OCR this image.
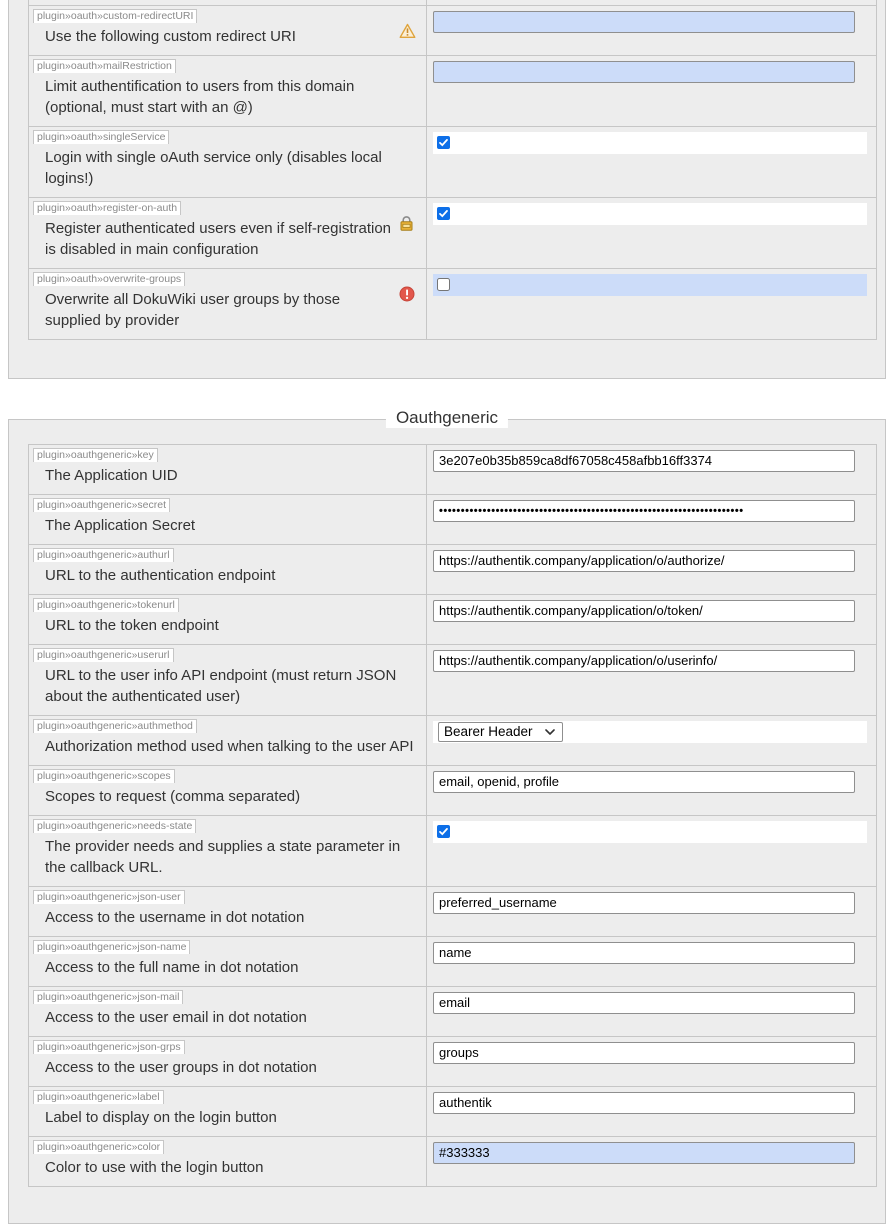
plugin»oauth»custom-redirectURI
Use the following custom redirect URI

plugin»oauth»mailRestriction
Limit authentification to users from this domain (optional, must start with an @)

plugin»oauth»singleService
Login with single oAuth service only (disables local logins!)

plugin»oauth»register-on-auth
Register authenticated users even if self-registration is disabled in main configuration

plugin»oauth»overwrite-groups
Overwrite all DokuWiki user groups by those supplied by provider

Oauthgeneric
plugin»oauthgeneric»key
The Application UID

3e207e0b35b859ca8df67058c458afbb16ff3374
plugin»oauthgeneric»secret
The Application Secret

••••••••••••••••••••••••••••••••••••••••••••••••••••••••••••••••••••••
plugin»oauthgeneric»authurl
URL to the authentication endpoint

https://authentik.company/application/o/authorize/
plugin»oauthgeneric»tokenurl
URL to the token endpoint

https://authentik.company/application/o/token/
plugin»oauthgeneric»userurl
URL to the user info API endpoint (must return JSON about the authenticated user)

https://authentik.company/application/o/userinfo/
plugin»oauthgeneric»authmethod
Authorization method used when talking to the user API	Bearer Header

plugin»oauthgeneric»scopes
Scopes to request (comma separated)

email, openid, profile
plugin»oauthgeneric»needs-state
The provider needs and supplies a state parameter in the callback URL.

plugin»oauthgeneric»json-user
Access to the username in dot notation

preferred_username
plugin»oauthgeneric»json-name
Access to the full name in dot notation

name
plugin»oauthgeneric»json-mail
Access to the user email in dot notation

email
plugin»oauthgeneric»json-grps
Access to the user groups in dot notation

groups
plugin»oauthgeneric»label
Label to display on the login button

authentik
plugin»oauthgeneric»color
Color to use with the login button

#333333
